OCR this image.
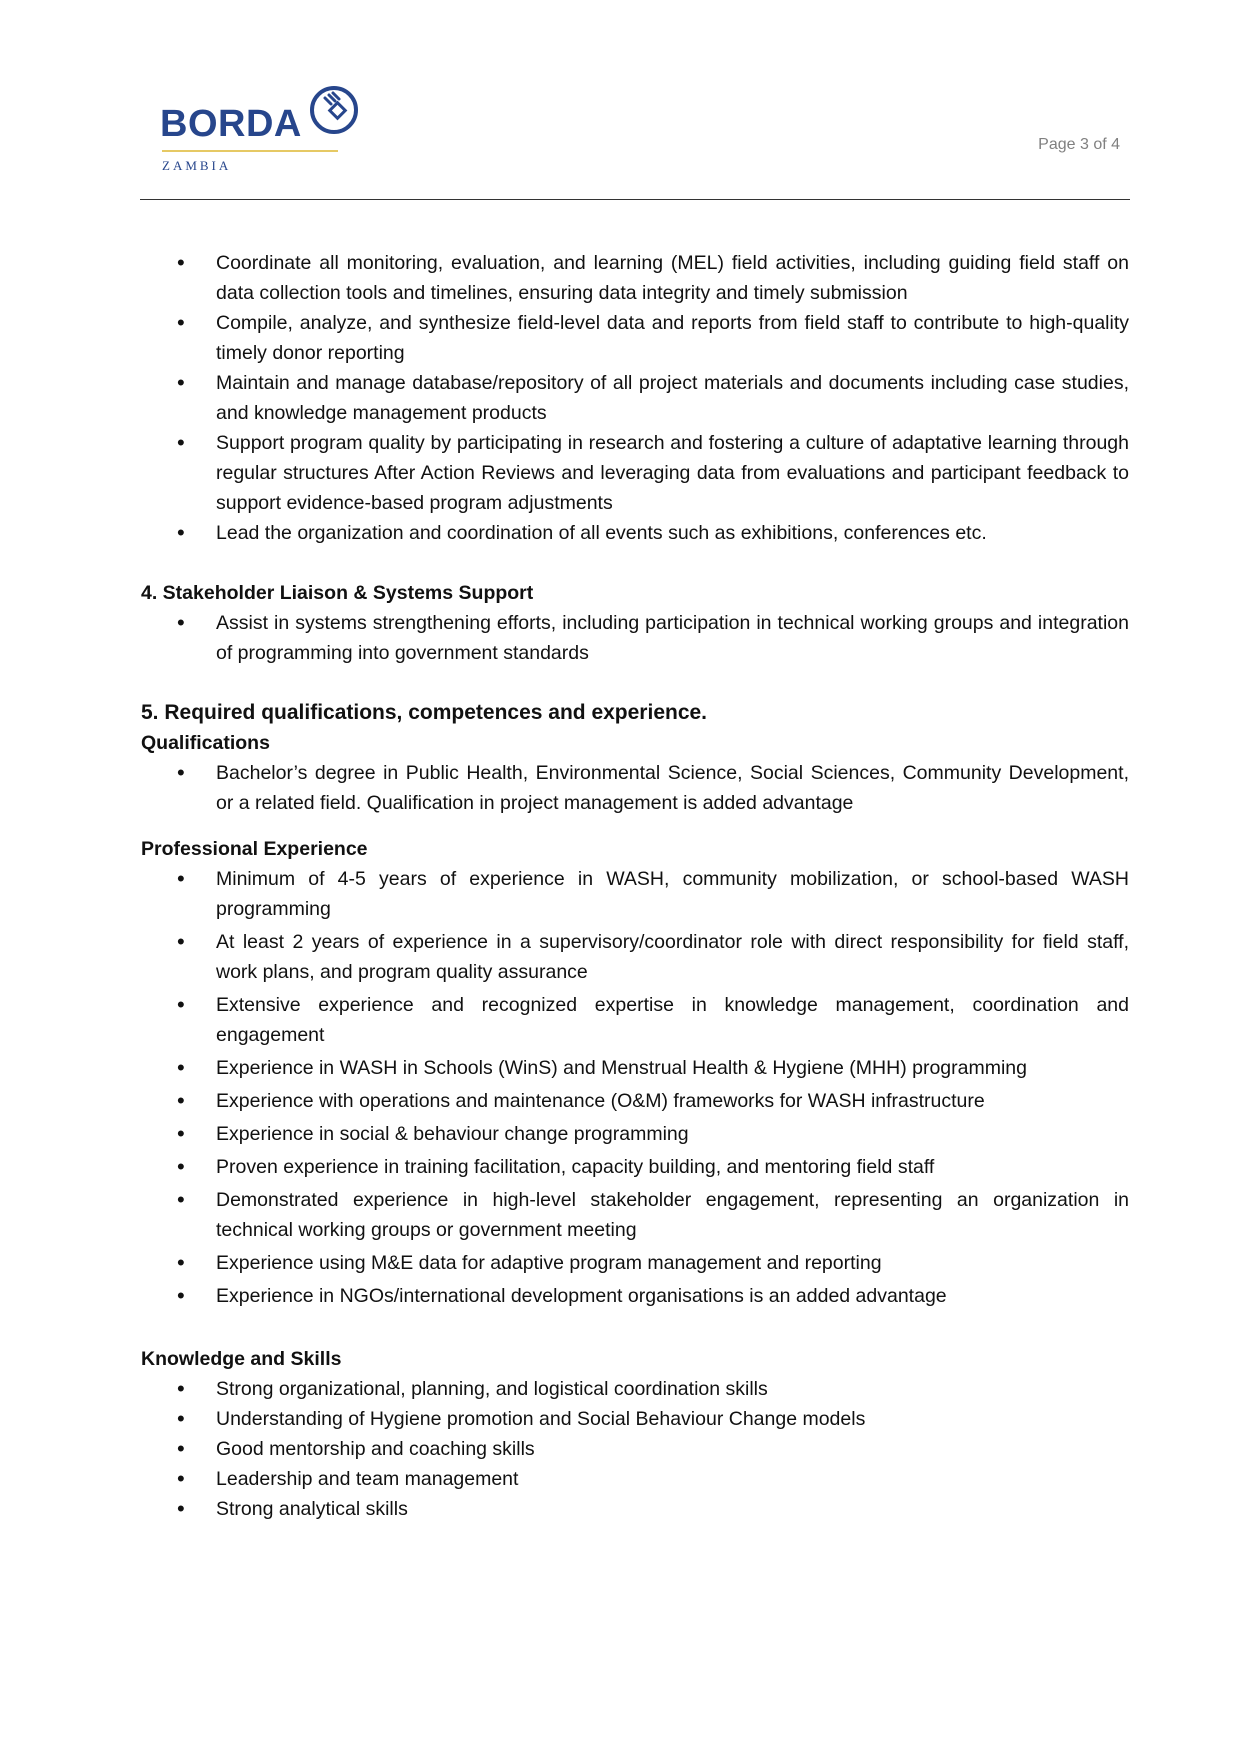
BORDA
ZAMBIA
Page 3 of 4
• Coordinate all monitoring, evaluation, and learning (MEL) field activities, including guiding field staff on data collection tools and timelines, ensuring data integrity and timely submission
• Compile, analyze, and synthesize field-level data and reports from field staff to contribute to high-quality timely donor reporting
• Maintain and manage database/repository of all project materials and documents including case studies, and knowledge management products
• Support program quality by participating in research and fostering a culture of adaptative learning through regular structures After Action Reviews and leveraging data from evaluations and participant feedback to support evidence-based program adjustments
• Lead the organization and coordination of all events such as exhibitions, conferences etc.

4. Stakeholder Liaison & Systems Support

• Assist in systems strengthening efforts, including participation in technical working groups and integration of programming into government standards

5. Required qualifications, competences and experience.

Qualifications

• Bachelor’s degree in Public Health, Environmental Science, Social Sciences, Community Development, or a related field. Qualification in project management is added advantage

Professional Experience

• Minimum of 4-5 years of experience in WASH, community mobilization, or school-based WASH programming
• At least 2 years of experience in a supervisory/coordinator role with direct responsibility for field staff, work plans, and program quality assurance
• Extensive experience and recognized expertise in knowledge management, coordination and engagement
• Experience in WASH in Schools (WinS) and Menstrual Health & Hygiene (MHH) programming
• Experience with operations and maintenance (O&M) frameworks for WASH infrastructure
• Experience in social & behaviour change programming
• Proven experience in training facilitation, capacity building, and mentoring field staff
• Demonstrated experience in high-level stakeholder engagement, representing an organization in technical working groups or government meeting
• Experience using M&E data for adaptive program management and reporting
• Experience in NGOs/international development organisations is an added advantage

Knowledge and Skills

• Strong organizational, planning, and logistical coordination skills
• Understanding of Hygiene promotion and Social Behaviour Change models
• Good mentorship and coaching skills
• Leadership and team management
• Strong analytical skills
